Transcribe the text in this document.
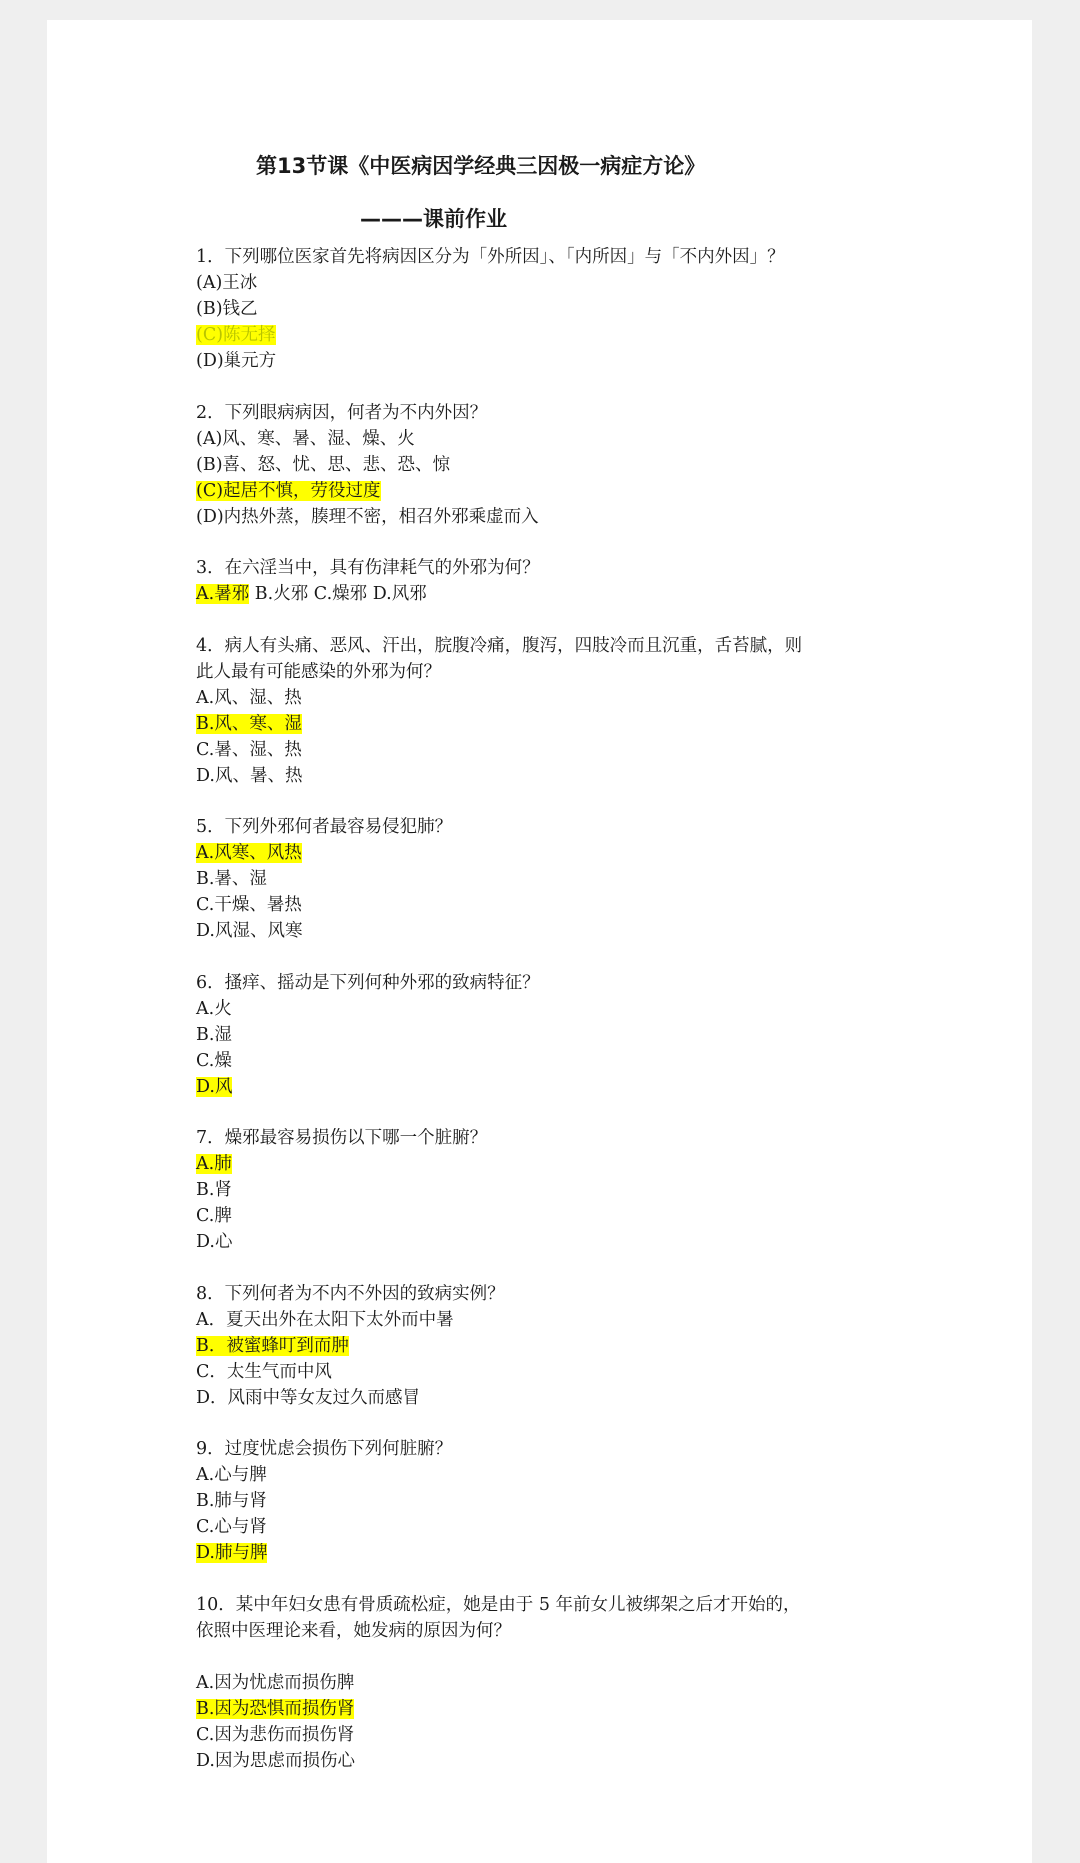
第13节课《中医病因学经典三因极一病症方论》
———课前作业
1．下列哪位医家首先将病因区分为「外所因」、「内所因」与「不内外因」？
(A)王冰
(B)钱乙
(C)陈无择
(D)巢元方
2．下列眼病病因，何者为不内外因？
(A)风、寒、暑、湿、燥、火
(B)喜、怒、忧、思、悲、恐、惊
(C)起居不慎，劳役过度
(D)内热外蒸，腠理不密，相召外邪乘虚而入
3．在六淫当中，具有伤津耗气的外邪为何？
A.暑邪 B.火邪 C.燥邪 D.风邪
4．病人有头痛、恶风、汗出，脘腹冷痛，腹泻，四肢冷而且沉重，舌苔腻，则
此人最有可能感染的外邪为何？
A.风、湿、热
B.风、寒、湿
C.暑、湿、热
D.风、暑、热
5．下列外邪何者最容易侵犯肺？
A.风寒、风热
B.暑、湿
C.干燥、暑热
D.风湿、风寒
6．搔痒、摇动是下列何种外邪的致病特征？
A.火
B.湿
C.燥
D.风
7．燥邪最容易损伤以下哪一个脏腑？
A.肺
B.肾
C.脾
D.心
8．下列何者为不内不外因的致病实例？
A．夏天出外在太阳下太外而中暑
B．被蜜蜂叮到而肿
C．太生气而中风
D．风雨中等女友过久而感冒
9．过度忧虑会损伤下列何脏腑？
A.心与脾
B.肺与肾
C.心与肾
D.肺与脾
10．某中年妇女患有骨质疏松症，她是由于 5 年前女儿被绑架之后才开始的，
依照中医理论来看，她发病的原因为何？
A.因为忧虑而损伤脾
B.因为恐惧而损伤肾
C.因为悲伤而损伤肾
D.因为思虑而损伤心
